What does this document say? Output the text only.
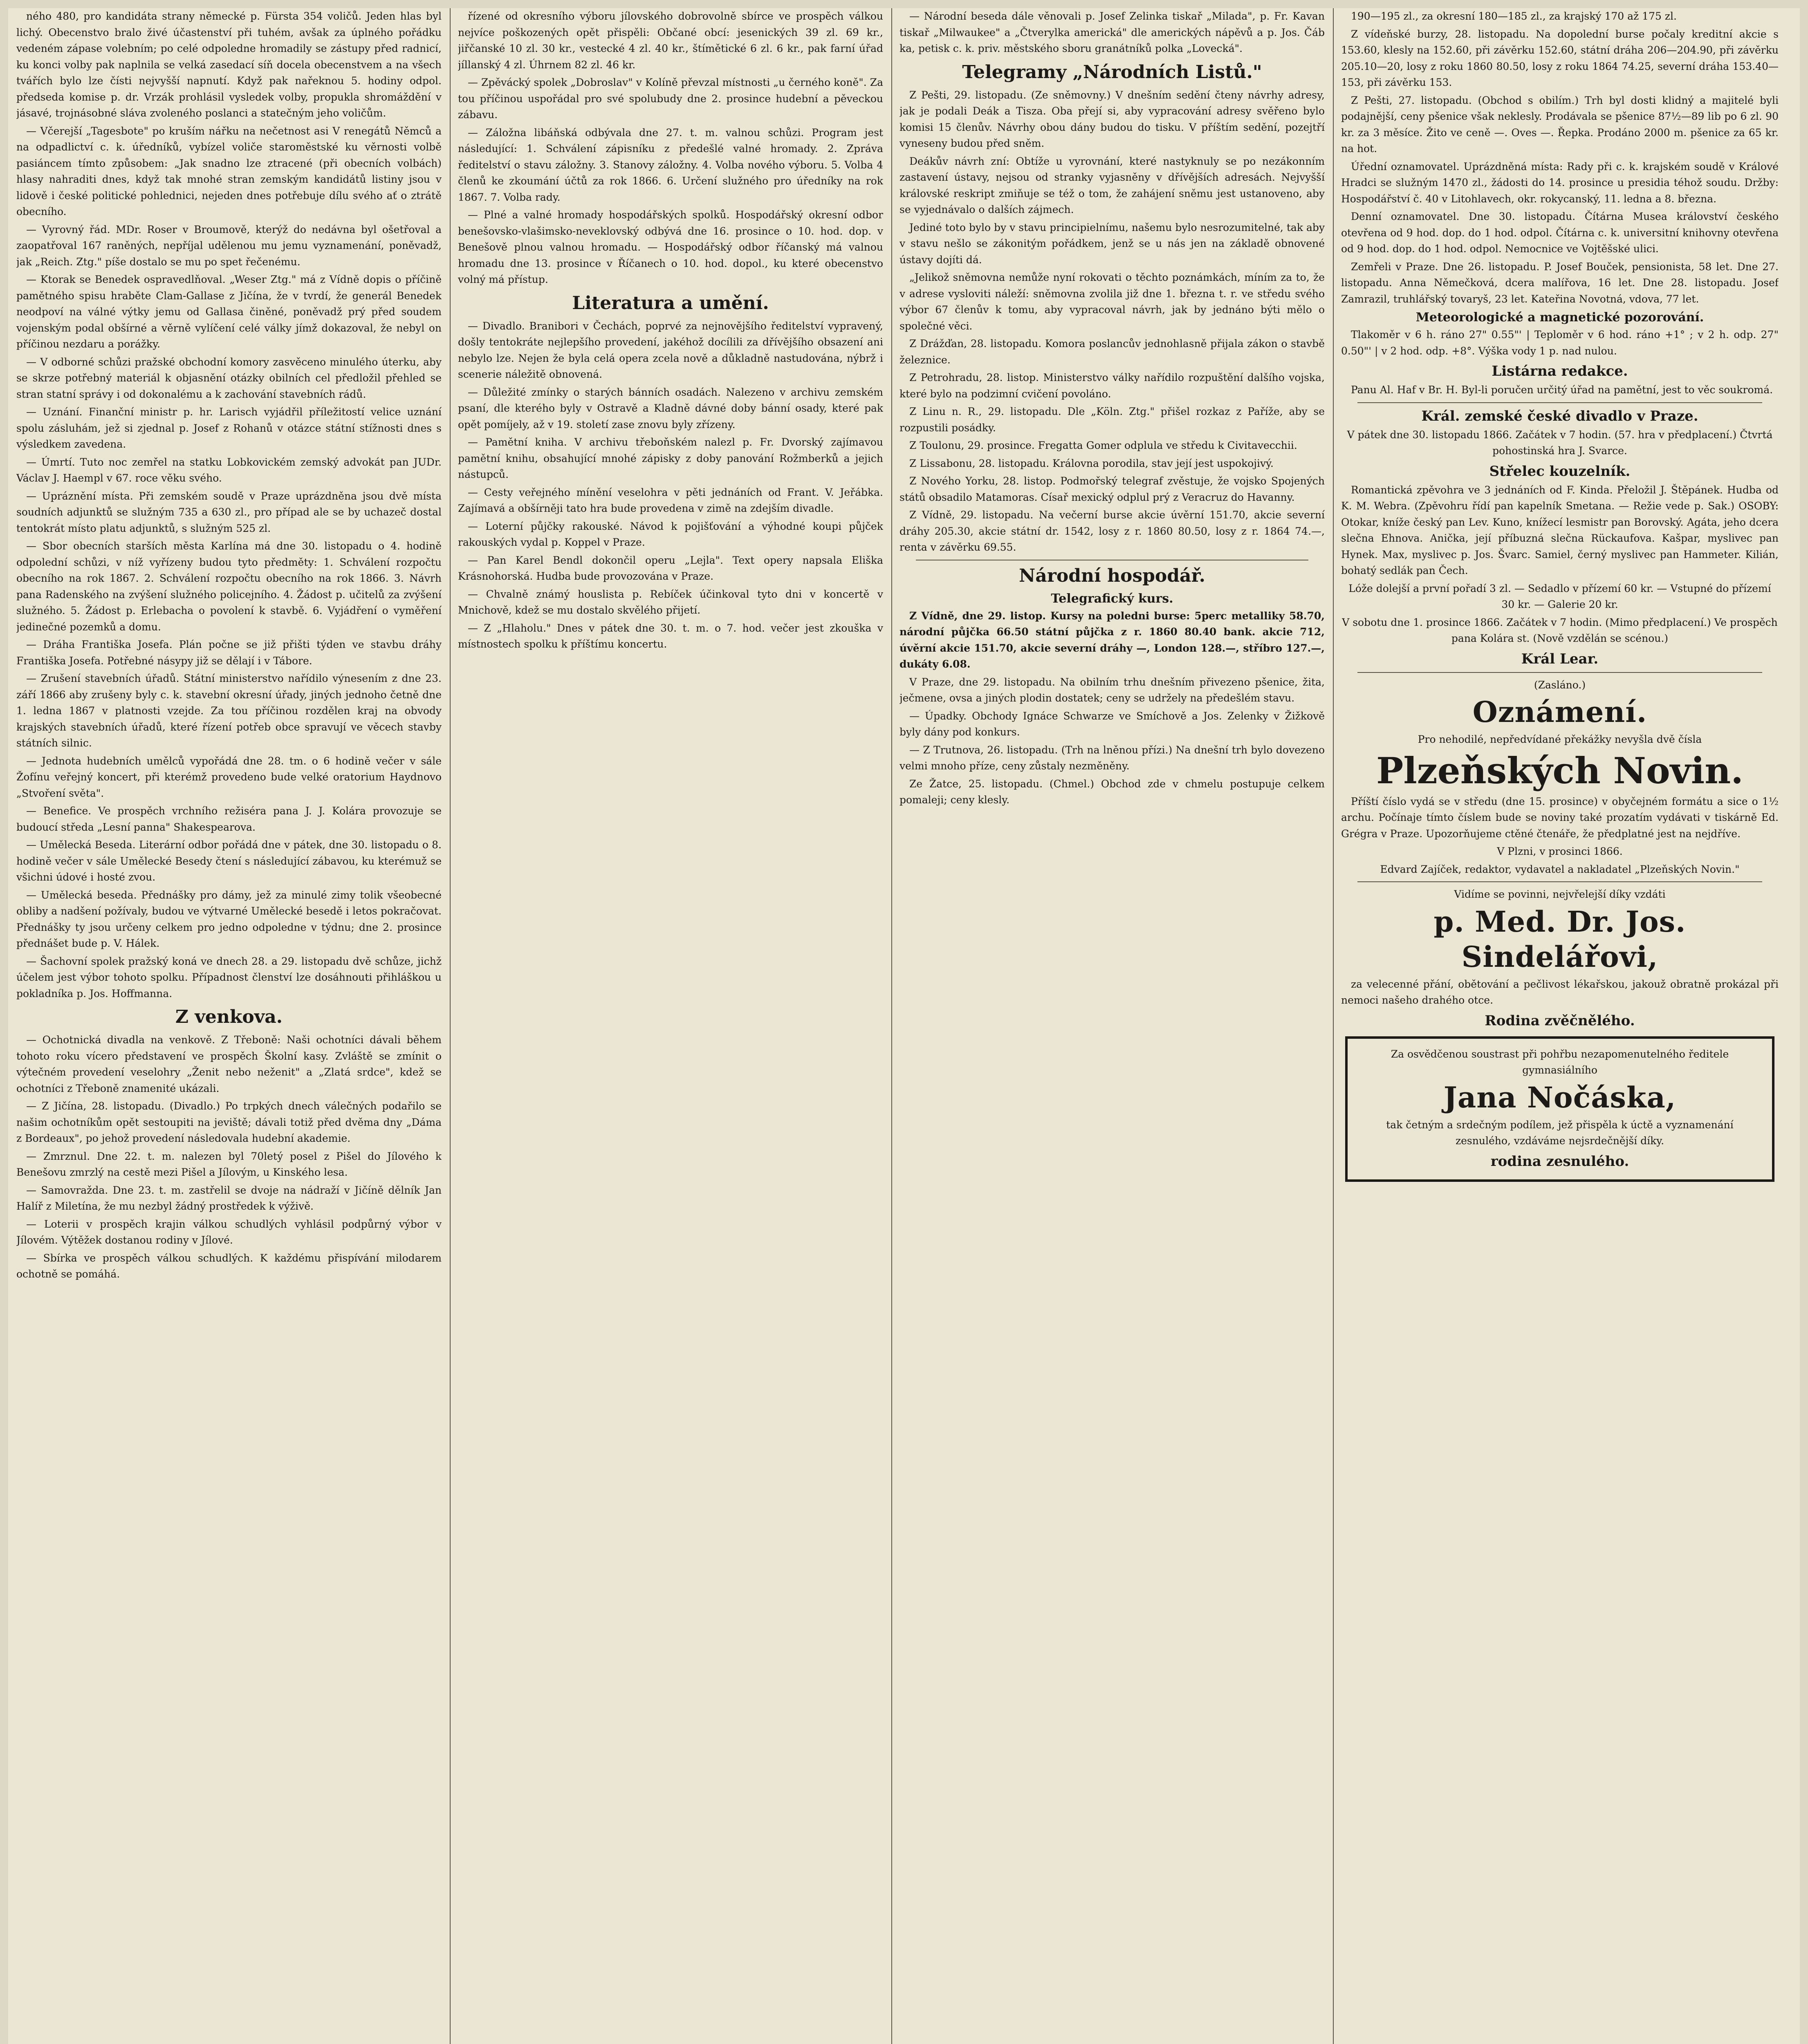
ného 480, pro kandidáta strany německé p. Fürsta 354 voličů. Jeden hlas byl lichý. Obecenstvo bralo živé účastenství při tuhém, avšak za úplného pořádku vedeném zápase volebním; po celé odpoledne hromadily se zástupy před radnicí, ku konci volby pak naplnila se velká zasedací síň docela obecenstvem a na všech tvářích bylo lze čísti nejvyšší napnutí. Když pak nařeknou 5. hodiny odpol. předseda komise p. dr. Vrzák prohlásil vysledek volby, propukla shromáždění v jásavé, trojnásobné sláva zvoleného poslanci a statečným jeho voličům.

— Včerejší „Tagesbote" po kruším nářku na nečetnost asi V renegátů Němců a na odpadlictví c. k. úředníků, vybízel voliče staroměstské ku věrnosti volbě pasiáncem tímto způsobem: „Jak snadno lze ztracené (při obecních volbách) hlasy nahraditi dnes, když tak mnohé stran zemským kandidátů listiny jsou v lidově i české politické pohlednici, nejeden dnes potřebuje dílu svého ať o ztrátě obecního.

— Vyrovný řád. MDr. Roser v Broumově, kterýž do nedávna byl ošetřoval a zaopatřoval 167 raněných, nepříjal udělenou mu jemu vyznamenání, poněvadž, jak „Reich. Ztg." píše dostalo se mu po spet řečenému.

— Ktorak se Benedek ospravedlňoval. „Weser Ztg." má z Vídně dopis o příčině pamětného spisu hraběte Clam-Gallase z Jičína, že v tvrdí, že generál Benedek neodpoví na válné výtky jemu od Gallasa činěné, poněvadž prý před soudem vojenským podal obšírné a věrně vylíčení celé války jímž dokazoval, že nebyl on příčinou nezdaru a porážky.

— V odborné schůzi pražské obchodní komory zasvěceno minulého úterku, aby se skrze potřebný materiál k objasnění otázky obilních cel předložil přehled se stran statní správy i od dokonalému a k zachování stavebních rádů.

— Uznání. Finanční ministr p. hr. Larisch vyjádřil příležitostí velice uznání spolu zásluhám, jež si zjednal p. Josef z Rohanů v otázce státní stížnosti dnes s výsledkem zavedena.

— Úmrtí. Tuto noc zemřel na statku Lobkovickém zemský advokát pan JUDr. Václav J. Haempl v 67. roce věku svého.

— Upráznění místa. Při zemském soudě v Praze uprázdněna jsou dvě místa soudních adjunktů se služným 735 a 630 zl., pro případ ale se by uchazeč dostal tentokrát místo platu adjunktů, s služným 525 zl.

— Sbor obecních starších města Karlína má dne 30. listopadu o 4. hodině odpolední schůzi, v níž vyřízeny budou tyto předměty: 1. Schválení rozpočtu obecního na rok 1867. 2. Schválení rozpočtu obecního na rok 1866. 3. Návrh pana Radenského na zvýšení služného policejního. 4. Žádost p. učitelů za zvýšení služného. 5. Žádost p. Erlebacha o povolení k stavbě. 6. Vyjádření o vyměření jedinečné pozemků a domu.

— Dráha Františka Josefa. Plán počne se již přišti týden ve stavbu dráhy Františka Josefa. Potřebné násypy již se dělají i v Tábore.

— Zrušení stavebních úřadů. Státní ministerstvo nařídilo výnesením z dne 23. září 1866 aby zrušeny byly c. k. stavební okresní úřady, jiných jednoho četně dne 1. ledna 1867 v platnosti vzejde. Za tou příčinou rozdělen kraj na obvody krajských stavebních úřadů, které řízení potřeb obce spravují ve věcech stavby státních silnic.

— Jednota hudebních umělců vypořádá dne 28. tm. o 6 hodině večer v sále Žofínu veřejný koncert, při kterémž provedeno bude velké oratorium Haydnovo „Stvoření světa".

— Benefice. Ve prospěch vrchního režiséra pana J. J. Kolára provozuje se budoucí středa „Lesní panna" Shakespearova.

— Umělecká Beseda. Literární odbor pořádá dne v pátek, dne 30. listopadu o 8. hodině večer v sále Umělecké Besedy čtení s následující zábavou, ku kterémuž se všichni údové i hosté zvou.

— Umělecká beseda. Přednášky pro dámy, jež za minulé zimy tolik všeobecné obliby a nadšení požívaly, budou ve výtvarné Umělecké besedě i letos pokračovat. Přednášky ty jsou určeny celkem pro jedno odpoledne v týdnu; dne 2. prosince přednášet bude p. V. Hálek.

— Šachovní spolek pražský koná ve dnech 28. a 29. listopadu dvě schůze, jichž účelem jest výbor tohoto spolku. Případnost členství lze dosáhnouti přihláškou u pokladníka p. Jos. Hoffmanna.

Z venkova.

— Ochotnická divadla na venkově. Z Třeboně: Naši ochotníci dávali během tohoto roku vícero představení ve prospěch Školní kasy. Zvláště se zmínit o výtečném provedení veselohry „Ženit nebo neženit" a „Zlatá srdce", kdež se ochotníci z Třeboně znamenité ukázali.

— Z Jičína, 28. listopadu. (Divadlo.) Po trpkých dnech válečných podařilo se našim ochotníkům opět sestoupiti na jeviště; dávali totiž před dvěma dny „Dáma z Bordeaux", po jehož provedení následovala hudební akademie.

— Zmrznul. Dne 22. t. m. nalezen byl 70letý posel z Pišel do Jílového k Benešovu zmrzlý na cestě mezi Pišel a Jílovým, u Kinského lesa.

— Samovražda. Dne 23. t. m. zastřelil se dvoje na nádraží v Jičíně dělník Jan Halíř z Miletína, že mu nezbyl žádný prostředek k výživě.

— Loterii v prospěch krajin válkou schudlých vyhlásil podpůrný výbor v Jílovém. Výtěžek dostanou rodiny v Jílové.

— Sbírka ve prospěch válkou schudlých. K každému přispívání milodarem ochotně se pomáhá.

řízené od okresního výboru jílovského dobrovolně sbírce ve prospěch válkou nejvíce poškozených opět přispěli: Občané obcí: jesenických 39 zl. 69 kr., jiřčanské 10 zl. 30 kr., vestecké 4 zl. 40 kr., štímětické 6 zl. 6 kr., pak farní úřad jíllanský 4 zl. Úhrnem 82 zl. 46 kr.

— Zpěvácký spolek „Dobroslav" v Kolíně převzal místnosti „u černého koně". Za tou příčinou uspořádal pro své spolubudy dne 2. prosince hudební a pěveckou zábavu.

— Záložna libáňská odbývala dne 27. t. m. valnou schůzi. Program jest následující: 1. Schválení zápisníku z předešlé valné hromady. 2. Zpráva ředitelství o stavu záložny. 3. Stanovy záložny. 4. Volba nového výboru. 5. Volba 4 členů ke zkoumání účtů za rok 1866. 6. Určení služného pro úředníky na rok 1867. 7. Volba rady.

— Plné a valné hromady hospodářských spolků. Hospodářský okresní odbor benešovsko-vlašimsko-neveklovský odbývá dne 16. prosince o 10. hod. dop. v Benešově plnou valnou hromadu. — Hospodářský odbor říčanský má valnou hromadu dne 13. prosince v Říčanech o 10. hod. dopol., ku které obecenstvo volný má přístup.

Literatura a umění.

— Divadlo. Branibori v Čechách, poprvé za nejnovějšího ředitelství vypravený, došly tentokráte nejlepšího provedení, jakéhož docílili za dřívějšího obsazení ani nebylo lze. Nejen že byla celá opera zcela nově a důkladně nastudována, nýbrž i scenerie náležitě obnovená.

— Důležité zmínky o starých bánních osadách. Nalezeno v archivu zemském psaní, dle kterého byly v Ostravě a Kladně dávné doby bánní osady, které pak opět pomíjely, až v 19. století zase znovu byly zřízeny.

— Pamětní kniha. V archivu třeboňském nalezl p. Fr. Dvorský zajímavou pamětní knihu, obsahující mnohé zápisky z doby panování Rožmberků a jejich nástupců.

— Cesty veřejného mínění veselohra v pěti jednáních od Frant. V. Jeřábka. Zajímavá a obšírněji tato hra bude provedena v zimě na zdejším divadle.

— Loterní půjčky rakouské. Návod k pojišťování a výhodné koupi půjček rakouských vydal p. Koppel v Praze.

— Pan Karel Bendl dokončil operu „Lejla". Text opery napsala Eliška Krásnohorská. Hudba bude provozována v Praze.

— Chvalně známý houslista p. Rebíček účinkoval tyto dni v koncertě v Mnichově, kdež se mu dostalo skvělého přijetí.

— Z „Hlaholu." Dnes v pátek dne 30. t. m. o 7. hod. večer jest zkouška v místnostech spolku k příštímu koncertu.

— Národní beseda dále věnovali p. Josef Zelinka tiskař „Milada", p. Fr. Kavan tiskař „Milwaukee" a „Čtverylka americká" dle amerických nápěvů a p. Jos. Čáb ka, petisk c. k. priv. městského sboru granátníků polka „Lovecká".

Telegramy „Národních Listů."

Z Pešti, 29. listopadu. (Ze sněmovny.) V dnešním sedění čteny návrhy adresy, jak je podali Deák a Tisza. Oba přejí si, aby vypracování adresy svěřeno bylo komisi 15 členův. Návrhy obou dány budou do tisku. V příštím sedění, pozejtří vyneseny budou před sněm.

Deákův návrh zní: Obtíže u vyrovnání, které nastyknuly se po nezákonním zastavení ústavy, nejsou od stranky vyjasněny v dřívějších adresách. Nejvyšší královské reskript zmiňuje se též o tom, že zahájení sněmu jest ustanoveno, aby se vyjednávalo o dalších zájmech.

Jediné toto bylo by v stavu principielnímu, našemu bylo nesrozumitelné, tak aby v stavu nešlo se zákonitým pořádkem, jenž se u nás jen na základě obnovené ústavy dojíti dá.

„Jelikož sněmovna nemůže nyní rokovati o těchto poznámkách, míním za to, že v adrese vysloviti náleží: sněmovna zvolila již dne 1. března t. r. ve středu svého výbor 67 členův k tomu, aby vypracoval návrh, jak by jednáno býti mělo o společné věci.

Z Drážďan, 28. listopadu. Komora poslancův jednohlasně přijala zákon o stavbě železnice.

Z Petrohradu, 28. listop. Ministerstvo války nařídilo rozpuštění dalšího vojska, které bylo na podzimní cvičení povoláno.

Z Linu n. R., 29. listopadu. Dle „Köln. Ztg." přišel rozkaz z Paříže, aby se rozpustili posádky.

Z Toulonu, 29. prosince. Fregatta Gomer odplula ve středu k Civitavecchii.

Z Lissabonu, 28. listopadu. Královna porodila, stav její jest uspokojivý.

Z Nového Yorku, 28. listop. Podmořský telegraf zvěstuje, že vojsko Spojených států obsadilo Matamoras. Císař mexický odplul prý z Veracruz do Havanny.

Z Vídně, 29. listopadu. Na večerní burse akcie úvěrní 151.70, akcie severní dráhy 205.30, akcie státní dr. 1542, losy z r. 1860 80.50, losy z r. 1864 74.—, renta v závěrku 69.55.

Národní hospodář.
Telegrafický kurs.

Z Vídně, dne 29. listop. Kursy na poledni burse: 5perc metalliky 58.70, národní půjčka 66.50 státní půjčka z r. 1860 80.40 bank. akcie 712, úvěrní akcie 151.70, akcie severní dráhy —, London 128.—, stříbro 127.—, dukáty 6.08.

V Praze, dne 29. listopadu. Na obilním trhu dnešním přivezeno pšenice, žita, ječmene, ovsa a jiných plodin dostatek; ceny se udržely na předešlém stavu.

— Úpadky. Obchody Ignáce Schwarze ve Smíchově a Jos. Zelenky v Žižkově byly dány pod konkurs.

— Z Trutnova, 26. listopadu. (Trh na lněnou přízi.) Na dnešní trh bylo dovezeno velmi mnoho příze, ceny zůstaly nezměněny.

Ze Žatce, 25. listopadu. (Chmel.) Obchod zde v chmelu postupuje celkem pomaleji; ceny klesly.

190—195 zl., za okresní 180—185 zl., za krajský 170 až 175 zl.

Z vídeňské burzy, 28. listopadu. Na dopolední burse počaly kreditní akcie s 153.60, klesly na 152.60, při závěrku 152.60, státní dráha 206—204.90, při závěrku 205.10—20, losy z roku 1860 80.50, losy z roku 1864 74.25, severní dráha 153.40—153, při závěrku 153.

Z Pešti, 27. listopadu. (Obchod s obilím.) Trh byl dosti klidný a majitelé byli podajnější, ceny pšenice však neklesly. Prodávala se pšenice 87½—89 lib po 6 zl. 90 kr. za 3 měsíce. Žito ve ceně —. Oves —. Řepka. Prodáno 2000 m. pšenice za 65 kr. na hot.

Úřední oznamovatel. Uprázdněná místa: Rady při c. k. krajském soudě v Králové Hradci se služným 1470 zl., žádosti do 14. prosince u presidia téhož soudu. Držby: Hospodářství č. 40 v Litohlavech, okr. rokycanský, 11. ledna a 8. března.

Denní oznamovatel. Dne 30. listopadu. Čítárna Musea království českého otevřena od 9 hod. dop. do 1 hod. odpol. Čítárna c. k. universitní knihovny otevřena od 9 hod. dop. do 1 hod. odpol. Nemocnice ve Vojtěšské ulici.

Zemřeli v Praze. Dne 26. listopadu. P. Josef Bouček, pensionista, 58 let. Dne 27. listopadu. Anna Němečková, dcera malířova, 16 let. Dne 28. listopadu. Josef Zamrazil, truhlářský tovaryš, 23 let. Kateřina Novotná, vdova, 77 let.

Meteorologické a magnetické pozorování.

Tlakoměr v 6 h. ráno 27" 0.55"' | Teploměr v 6 hod. ráno +1° ; v 2 h. odp. 27" 0.50"' | v 2 hod. odp. +8°. Výška vody 1 p. nad nulou.

Listárna redakce.

Panu Al. Haf v Br. H. Byl-li poručen určitý úřad na pamětní, jest to věc soukromá.

Král. zemské české divadlo v Praze.

V pátek dne 30. listopadu 1866. Začátek v 7 hodin. (57. hra v předplacení.) Čtvrtá pohostinská hra J. Svarce.

Střelec kouzelník.

Romantická zpěvohra ve 3 jednáních od F. Kinda. Přeložil J. Štěpánek. Hudba od K. M. Webra. (Zpěvohru řídí pan kapelník Smetana. — Režie vede p. Sak.) OSOBY: Otokar, kníže český pan Lev. Kuno, knížecí lesmistr pan Borovský. Agáta, jeho dcera slečna Ehnova. Anička, její příbuzná slečna Rückaufova. Kašpar, myslivec pan Hynek. Max, myslivec p. Jos. Švarc. Samiel, černý myslivec pan Hammeter. Kilián, bohatý sedlák pan Čech.

Lóže dolejší a první pořadí 3 zl. — Sedadlo v přízemí 60 kr. — Vstupné do přízemí 30 kr. — Galerie 20 kr.

V sobotu dne 1. prosince 1866. Začátek v 7 hodin. (Mimo předplacení.) Ve prospěch pana Kolára st. (Nově vzdělán se scénou.)

Král Lear.

(Zasláno.)

Oznámení.

Pro nehodilé, nepředvídané překážky nevyšla dvě čísla

Plzeňských Novin.

Příští číslo vydá se v středu (dne 15. prosince) v obyčejném formátu a sice o 1½ archu. Počínaje tímto číslem bude se noviny také prozatím vydávati v tiskárně Ed. Grégra v Praze. Upozorňujeme ctěné čtenáře, že předplatné jest na nejdříve.

V Plzni, v prosinci 1866.

Edvard Zajíček, redaktor, vydavatel a nakladatel „Plzeňských Novin."

Vidíme se povinni, nejvřelejší díky vzdáti

p. Med. Dr. Jos. Sindelářovi,

za velecenné přání, obětování a pečlivost lékařskou, jakouž obratně prokázal při nemoci našeho drahého otce.

Rodina zvěčnělého.

Za osvědčenou soustrast při pohřbu nezapomenutelného ředitele gymnasiálního

Jana Nočáska,

tak četným a srdečným podílem, jež přispěla k úctě a vyznamenání zesnulého, vzdáváme nejsrdečnější díky.

rodina zesnulého.
